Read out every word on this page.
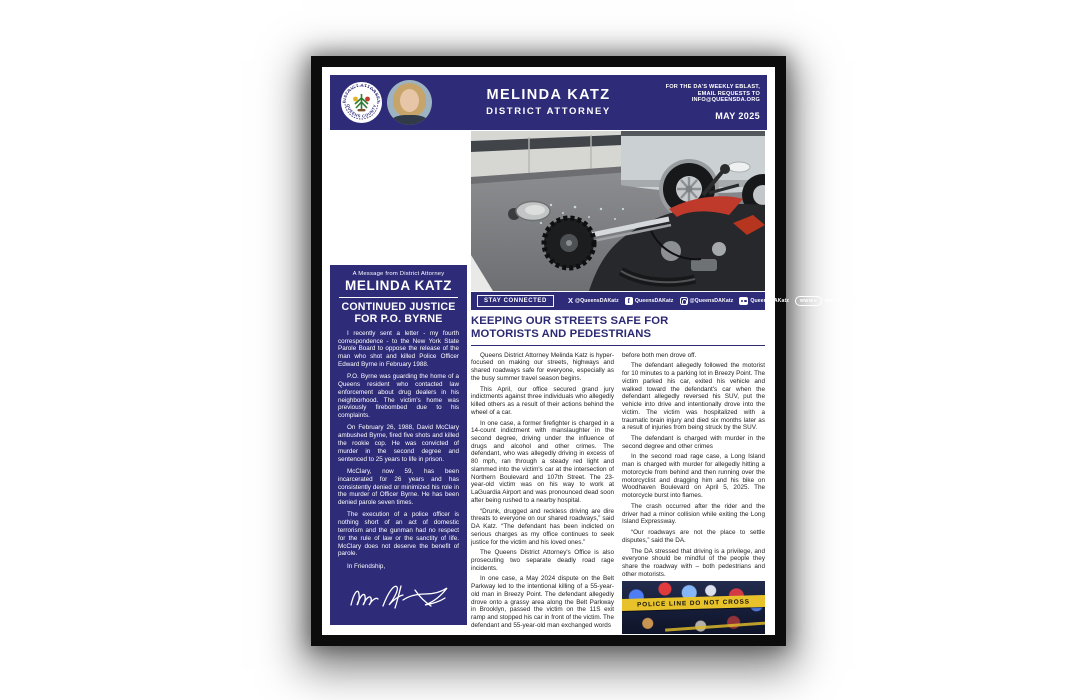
DISTRICT ATTORNEY
QUEENS COUNTY
MELINDA KATZ
DISTRICT ATTORNEY
FOR THE DA'S WEEKLY EBLAST,
EMAIL REQUESTS TO
INFO@QUEENSDA.ORG
MAY 2025
STAY CONNECTED	X @QueensDAKatz	f QueensDAKatz	@QueensDAKatz	QueensDAKatz www queensda.org
KEEPING OUR STREETS SAFE FOR
MOTORISTS AND PEDESTRIANS

Queens District Attorney Melinda Katz is hyper-focused on making our streets, highways and shared roadways safe for everyone, especially as the busy summer travel season begins.

This April, our office secured grand jury indictments against three individuals who allegedly killed others as a result of their actions behind the wheel of a car.

In one case, a former firefighter is charged in a 14-count indictment with manslaughter in the second degree, driving under the influence of drugs and alcohol and other crimes. The defendant, who was allegedly driving in excess of 80 mph, ran through a steady red light and slammed into the victim's car at the intersection of Northern Boulevard and 107th Street. The 23-year-old victim was on his way to work at LaGuardia Airport and was pronounced dead soon after being rushed to a nearby hospital.

“Drunk, drugged and reckless driving are dire threats to everyone on our shared roadways,” said DA Katz. “The defendant has been indicted on serious charges as my office continues to seek justice for the victim and his loved ones.”

The Queens District Attorney's Office is also prosecuting two separate deadly road rage incidents.

In one case, a May 2024 dispute on the Belt Parkway led to the intentional killing of a 55-year-old man in Breezy Point. The defendant allegedly drove onto a grassy area along the Belt Parkway in Brooklyn, passed the victim on the 11S exit ramp and stopped his car in front of the victim. The defendant and 55-year-old man exchanged words

before both men drove off.

The defendant allegedly followed the motorist for 10 minutes to a parking lot in Breezy Point. The victim parked his car, exited his vehicle and walked toward the defendant's car when the defendant allegedly reversed his SUV, put the vehicle into drive and intentionally drove into the victim. The victim was hospitalized with a traumatic brain injury and died six months later as a result of injuries from being struck by the SUV.

The defendant is charged with murder in the second degree and other crimes

In the second road rage case, a Long Island man is charged with murder for allegedly hitting a motorcycle from behind and then running over the motorcyclist and dragging him and his bike on Woodhaven Boulevard on April 5, 2025. The motorcycle burst into flames.

The crash occurred after the rider and the driver had a minor collision while exiting the Long Island Expressway.

“Our roadways are not the place to settle disputes,” said the DA.

The DA stressed that driving is a privilege, and everyone should be mindful of the people they share the roadway with – both pedestrians and other motorists.

POLICE LINE DO NOT CROSS
A Message from District Attorney
MELINDA KATZ
CONTINUED JUSTICE FOR P.O. BYRNE

I recently sent a letter - my fourth correspondence - to the New York State Parole Board to oppose the release of the man who shot and killed Police Officer Edward Byrne in February 1988.

P.O. Byrne was guarding the home of a Queens resident who contacted law enforcement about drug dealers in his neighborhood. The victim's home was previously firebombed due to his complaints.

On February 26, 1988, David McClary ambushed Byrne, fired five shots and killed the rookie cop. He was convicted of murder in the second degree and sentenced to 25 years to life in prison.

McClary, now 59, has been incarcerated for 26 years and has consistently denied or minimized his role in the murder of Officer Byrne. He has been denied parole seven times.

The execution of a police officer is nothing short of an act of domestic terrorism and the gunman had no respect for the rule of law or the sanctity of life. McClary does not deserve the benefit of parole.

In Friendship,
